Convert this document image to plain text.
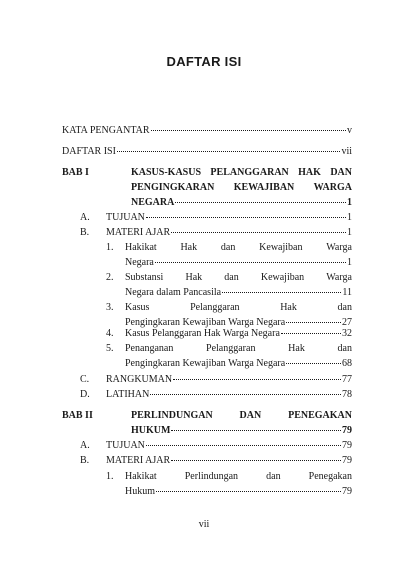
DAFTAR ISI
KATA PENGANTAR	v
DAFTAR ISI	vii
BAB I	KASUS-KASUS PELANGGARAN HAK DAN
PENGINGKARAN KEWAJIBAN WARGA
NEGARA	1
A. TUJUAN	1
B. MATERI AJAR	1
1. Hakikat Hak dan Kewajiban Warga
Negara	1
2. Substansi Hak dan Kewajiban Warga
Negara dalam Pancasila	11
3. Kasus	Pelanggaran	Hak	dan
Pengingkaran Kewajiban Warga Negara	27
4. Kasus Pelanggaran Hak Warga Negara	32
5. Penanganan	Pelanggaran	Hak	dan
Pengingkaran Kewajiban Warga Negara	68
C. RANGKUMAN	77
D. LATIHAN	78
BAB II	PERLINDUNGAN	DAN	PENEGAKAN
HUKUM	79
A. TUJUAN	79
B. MATERI AJAR	79
1. Hakikat	Perlindungan	dan	Penegakan
Hukum	79
vii
